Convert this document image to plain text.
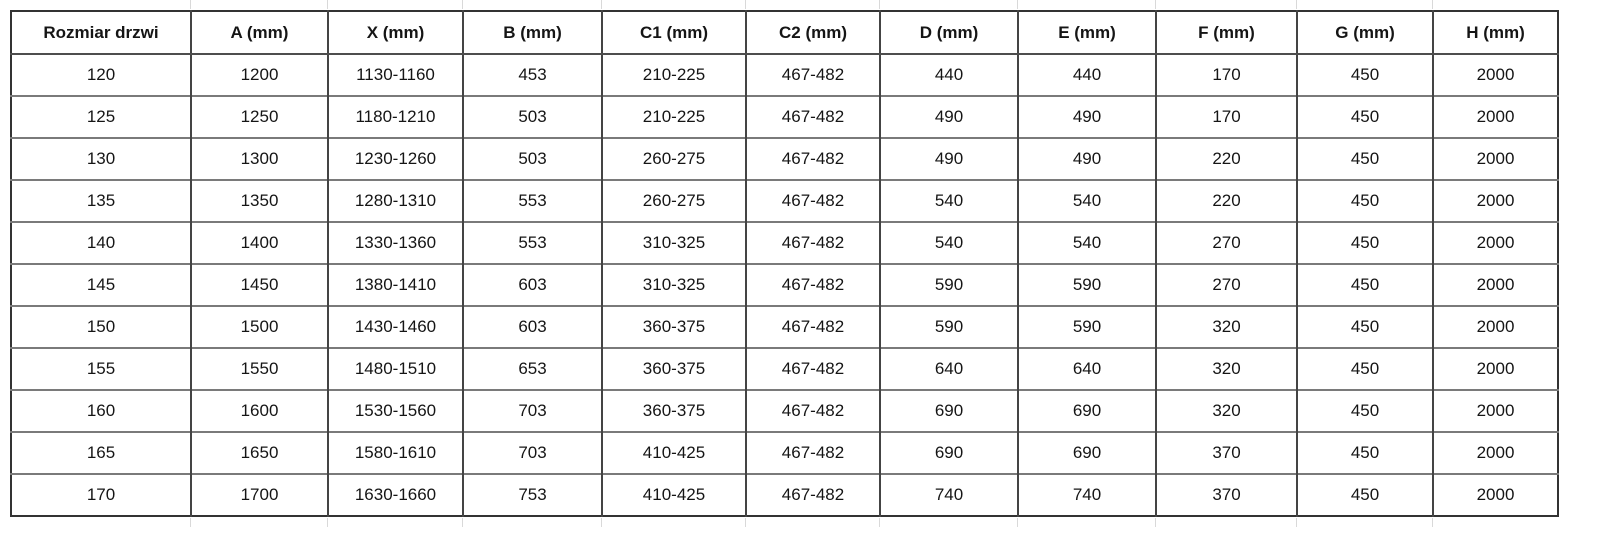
Rozmiar drzwi	A (mm)	X (mm)	B (mm)	C1 (mm)	C2 (mm)	D (mm)	E (mm)	F (mm)	G (mm)	H (mm)
120	1200	1130-1160	453	210-225	467-482	440	440	170	450	2000
125	1250	1180-1210	503	210-225	467-482	490	490	170	450	2000
130	1300	1230-1260	503	260-275	467-482	490	490	220	450	2000
135	1350	1280-1310	553	260-275	467-482	540	540	220	450	2000
140	1400	1330-1360	553	310-325	467-482	540	540	270	450	2000
145	1450	1380-1410	603	310-325	467-482	590	590	270	450	2000
150	1500	1430-1460	603	360-375	467-482	590	590	320	450	2000
155	1550	1480-1510	653	360-375	467-482	640	640	320	450	2000
160	1600	1530-1560	703	360-375	467-482	690	690	320	450	2000
165	1650	1580-1610	703	410-425	467-482	690	690	370	450	2000
170	1700	1630-1660	753	410-425	467-482	740	740	370	450	2000
